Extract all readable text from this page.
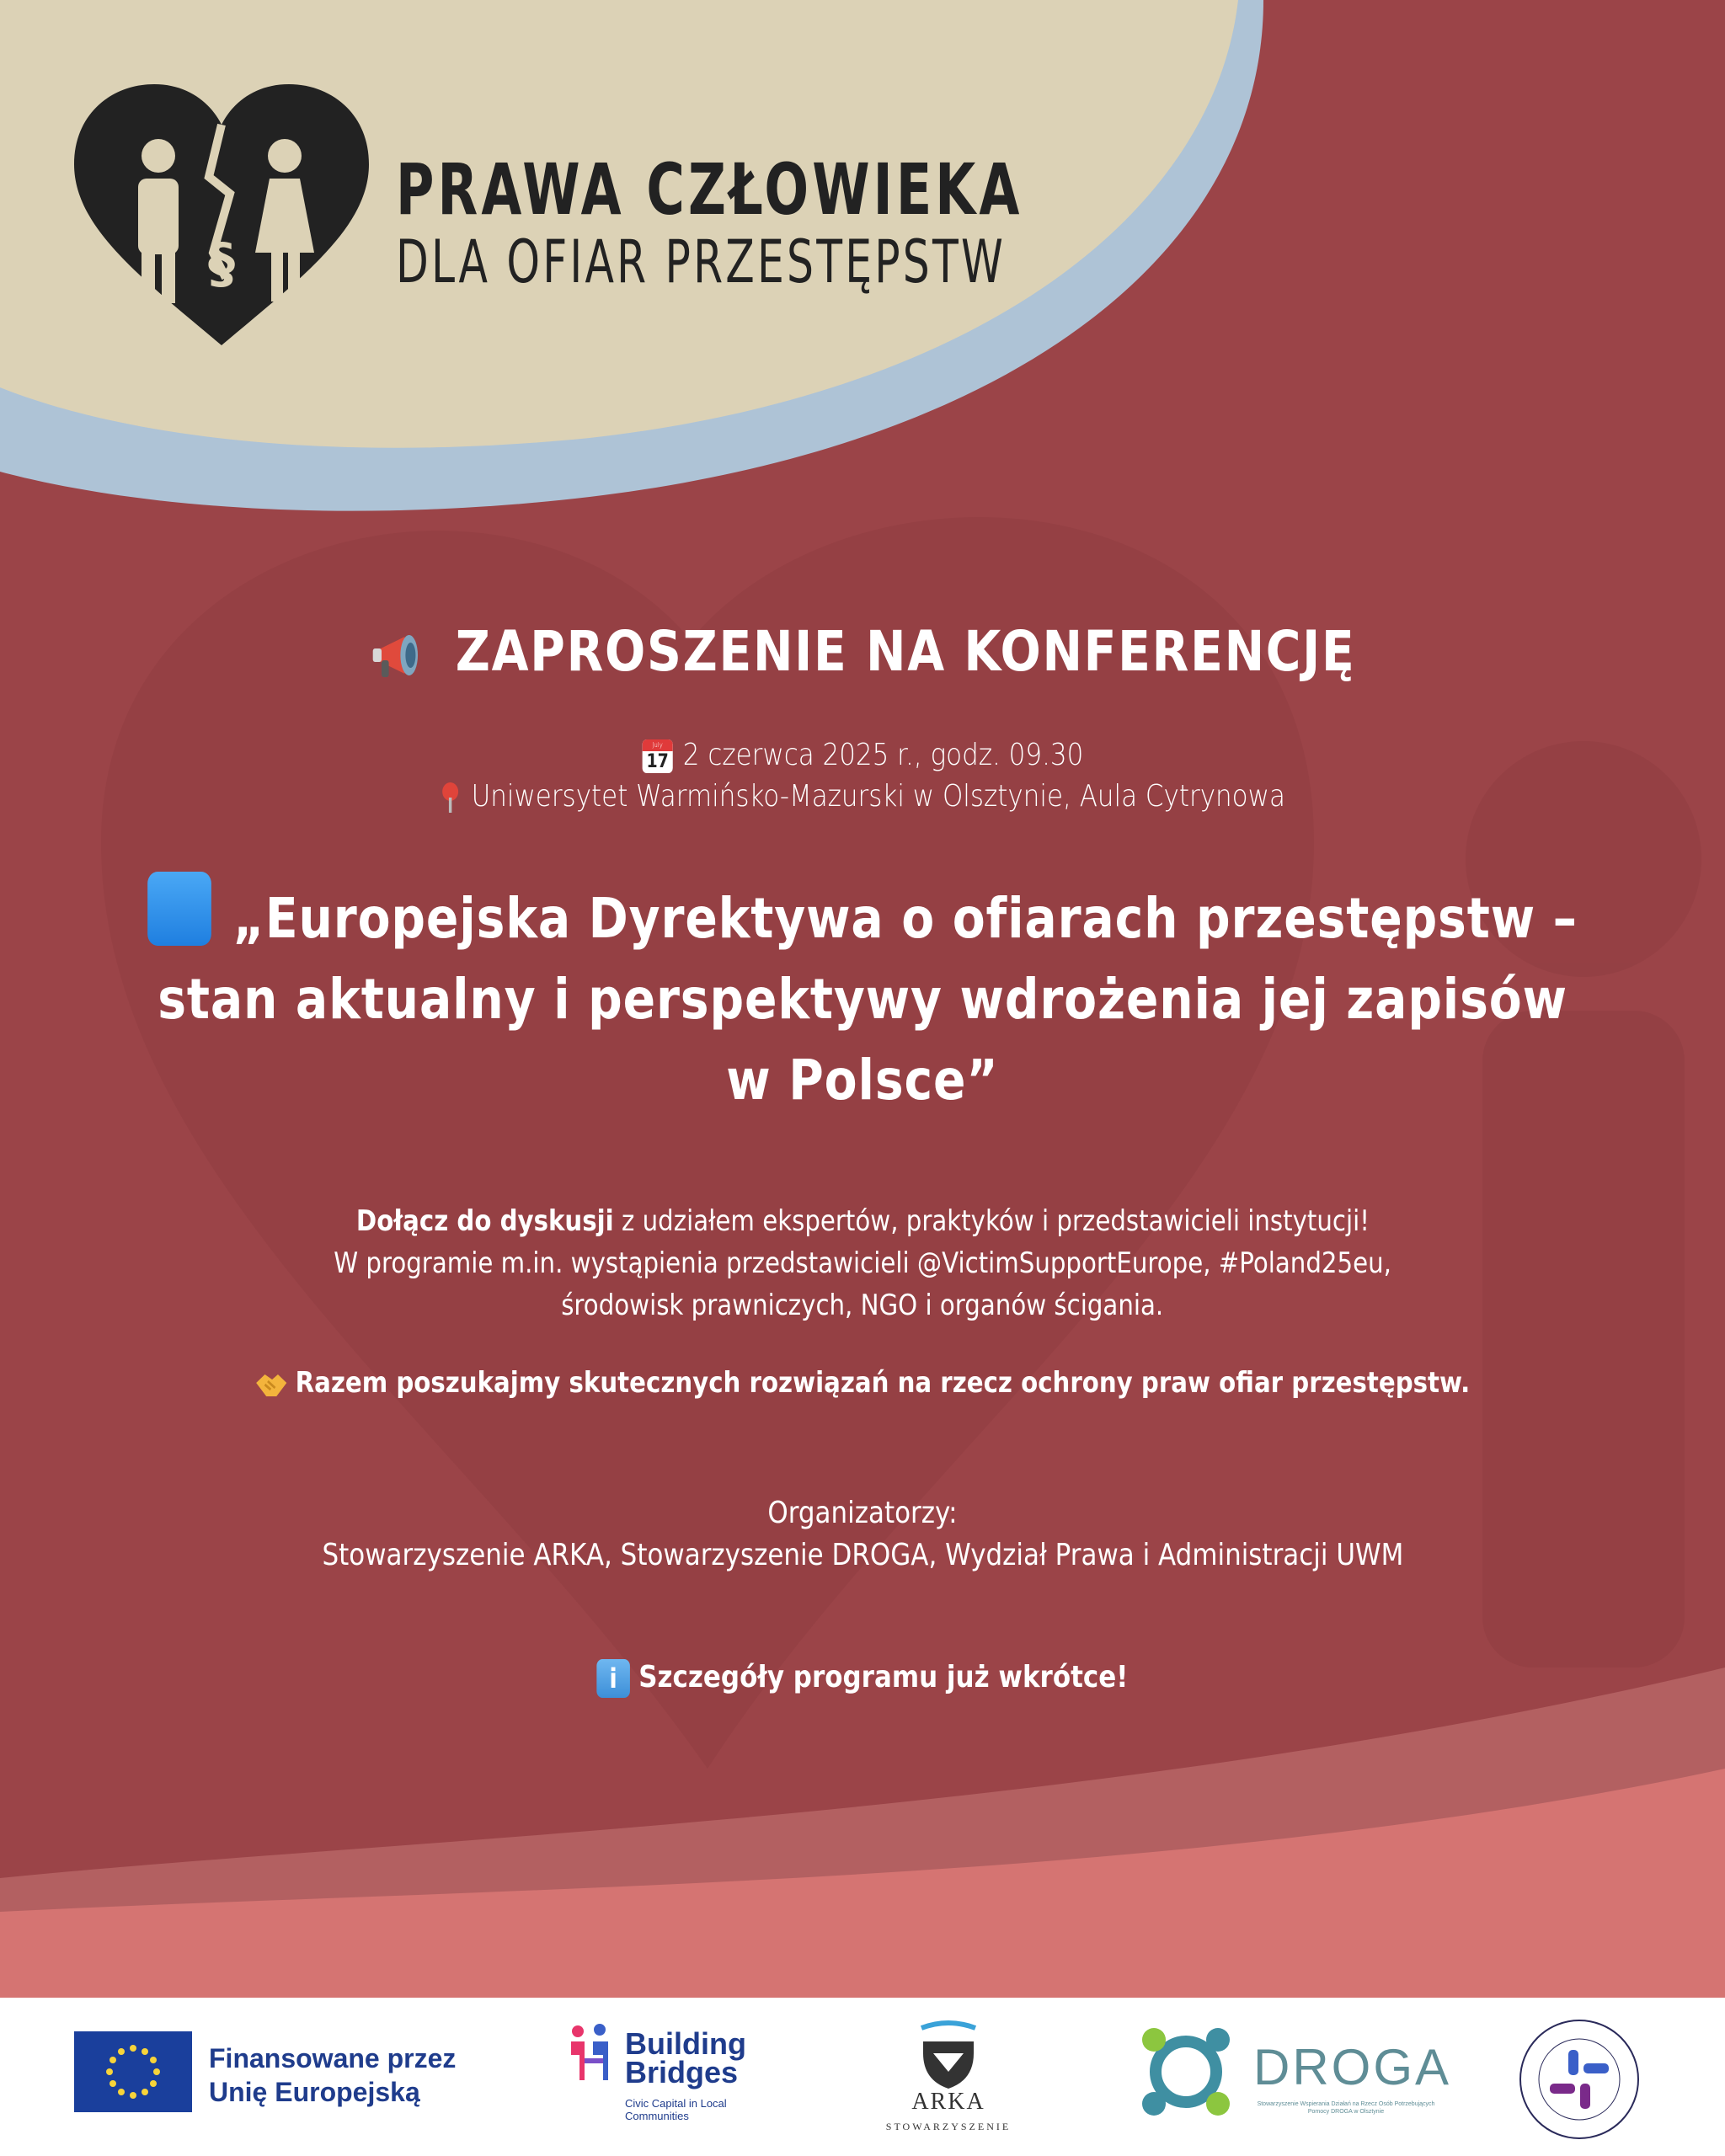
§
PRAWA CZŁOWIEKA
DLA OFIAR PRZESTĘPSTW
ZAPROSZENIE NA KONFERENCJĘ
July
17 2 czerwca 2025 r., godz. 09.30
Uniwersytet Warmińsko-Mazurski w Olsztynie, Aula Cytrynowa
„Europejska Dyrektywa o ofiarach przestępstw –
stan aktualny i perspektywy wdrożenia jej zapisów
w Polsce”
Dołącz do dyskusji z udziałem ekspertów, praktyków i przedstawicieli instytucji!
W programie m.in. wystąpienia przedstawicieli @VictimSupportEurope, #Poland25eu,
środowisk prawniczych, NGO i organów ścigania.
Razem poszukajmy skutecznych rozwiązań na rzecz ochrony praw ofiar przestępstw.
Organizatorzy:
Stowarzyszenie ARKA, Stowarzyszenie DROGA, Wydział Prawa i Administracji UWM
i Szczegóły programu już wkrótce!
Finansowane przez
Unię Europejską
Building
Bridges
Civic Capital in Local
Communities
ARKA
STOWARZYSZENIE
DROGA
Stowarzyszenie Wspierania Działań na Rzecz Osób Potrzebujących Pomocy DROGA w Olsztynie
